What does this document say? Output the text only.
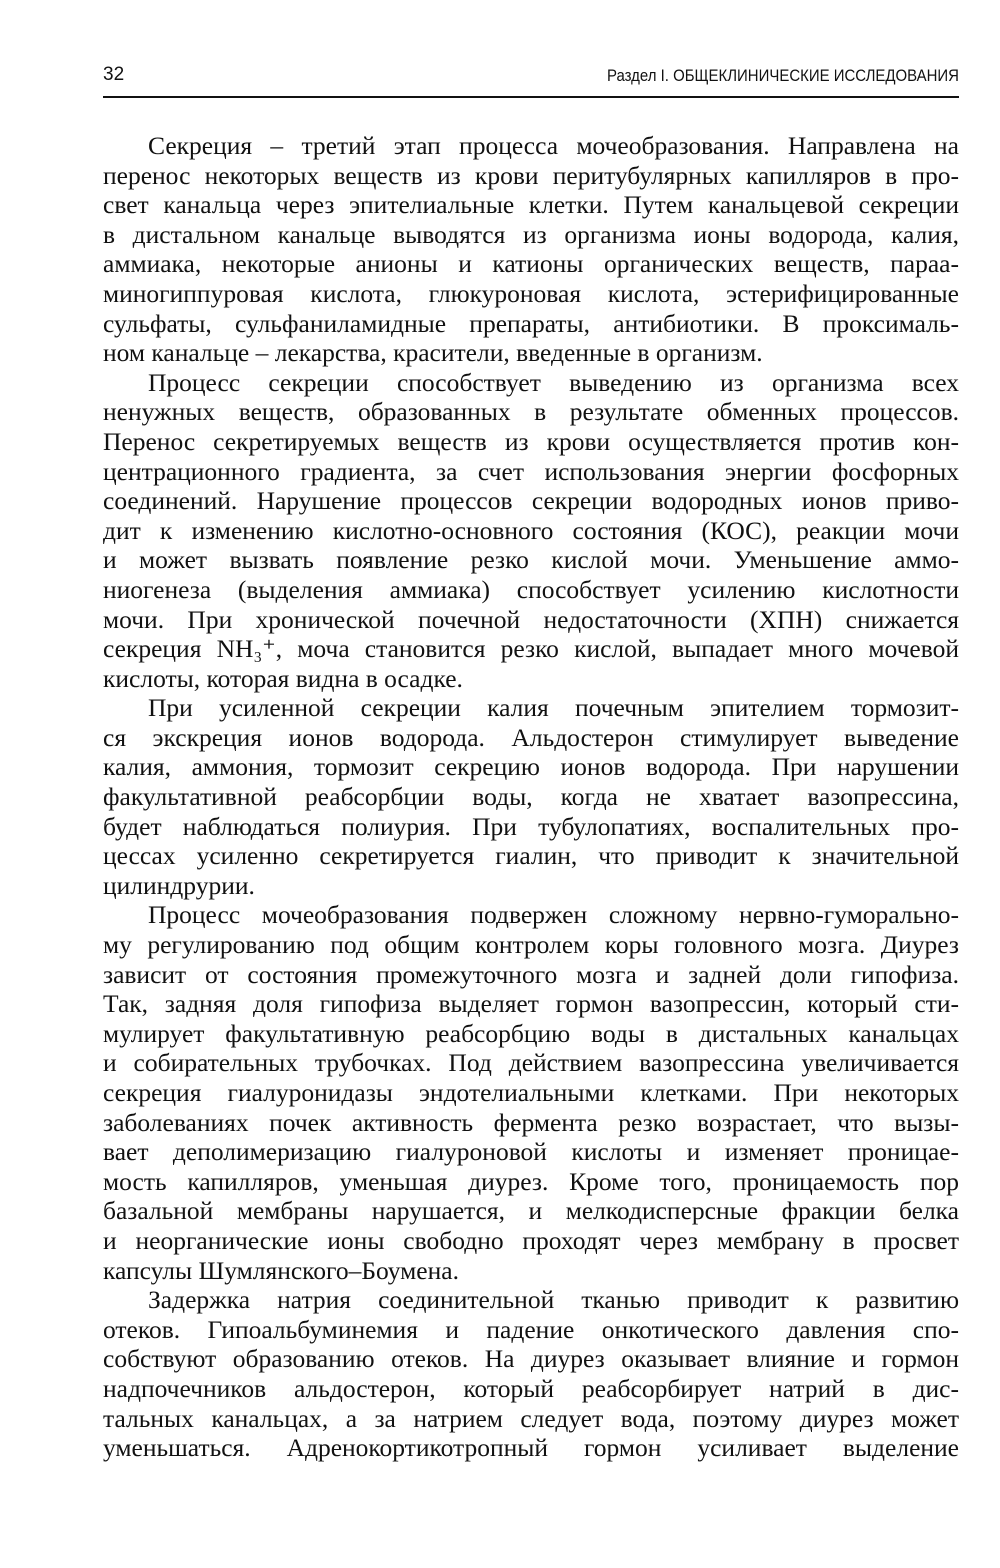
32	Раздел I. ОБЩЕКЛИНИЧЕСКИЕ ИССЛЕДОВАНИЯ
Секреция – третий этап процесса мочеобразования. Направлена на
перенос некоторых веществ из крови перитубулярных капилляров в про-
свет канальца через эпителиальные клетки. Путем канальцевой секреции
в дистальном канальце выводятся из организма ионы водорода, калия,
аммиака, некоторые анионы и катионы органических веществ, параа-
миногиппуровая кислота, глюкуроновая кислота, эстерифицированные
сульфаты, сульфаниламидные препараты, антибиотики. В проксималь-
ном канальце – лекарства, красители, введенные в организм.
Процесс секреции способствует выведению из организма всех
ненужных веществ, образованных в результате обменных процессов.
Перенос секретируемых веществ из крови осуществляется против кон-
центрационного градиента, за счет использования энергии фосфорных
соединений. Нарушение процессов секреции водородных ионов приво-
дит к изменению кислотно-основного состояния (КОС), реакции мочи
и может вызвать появление резко кислой мочи. Уменьшение аммо-
ниогенеза (выделения аммиака) способствует усилению кислотности
мочи. При хронической почечной недостаточности (ХПН) снижается
секреция NH₃⁺, моча становится резко кислой, выпадает много мочевой
кислоты, которая видна в осадке.
При усиленной секреции калия почечным эпителием тормозит-
ся экскреция ионов водорода. Альдостерон стимулирует выведение
калия, аммония, тормозит секрецию ионов водорода. При нарушении
факультативной реабсорбции воды, когда не хватает вазопрессина,
будет наблюдаться полиурия. При тубулопатиях, воспалительных про-
цессах усиленно секретируется гиалин, что приводит к значительной
цилиндрурии.
Процесс мочеобразования подвержен сложному нервно-гуморально-
му регулированию под общим контролем коры головного мозга. Диурез
зависит от состояния промежуточного мозга и задней доли гипофиза.
Так, задняя доля гипофиза выделяет гормон вазопрессин, который сти-
мулирует факультативную реабсорбцию воды в дистальных канальцах
и собирательных трубочках. Под действием вазопрессина увеличивается
секреция гиалуронидазы эндотелиальными клетками. При некоторых
заболеваниях почек активность фермента резко возрастает, что вызы-
вает деполимеризацию гиалуроновой кислоты и изменяет проницае-
мость капилляров, уменьшая диурез. Кроме того, проницаемость пор
базальной мембраны нарушается, и мелкодисперсные фракции белка
и неорганические ионы свободно проходят через мембрану в просвет
капсулы Шумлянского–Боумена.
Задержка натрия соединительной тканью приводит к развитию
отеков. Гипоальбуминемия и падение онкотического давления спо-
собствуют образованию отеков. На диурез оказывает влияние и гормон
надпочечников альдостерон, который реабсорбирует натрий в дис-
тальных канальцах, а за натрием следует вода, поэтому диурез может
уменьшаться. Адренокортикотропный гормон усиливает выделение
